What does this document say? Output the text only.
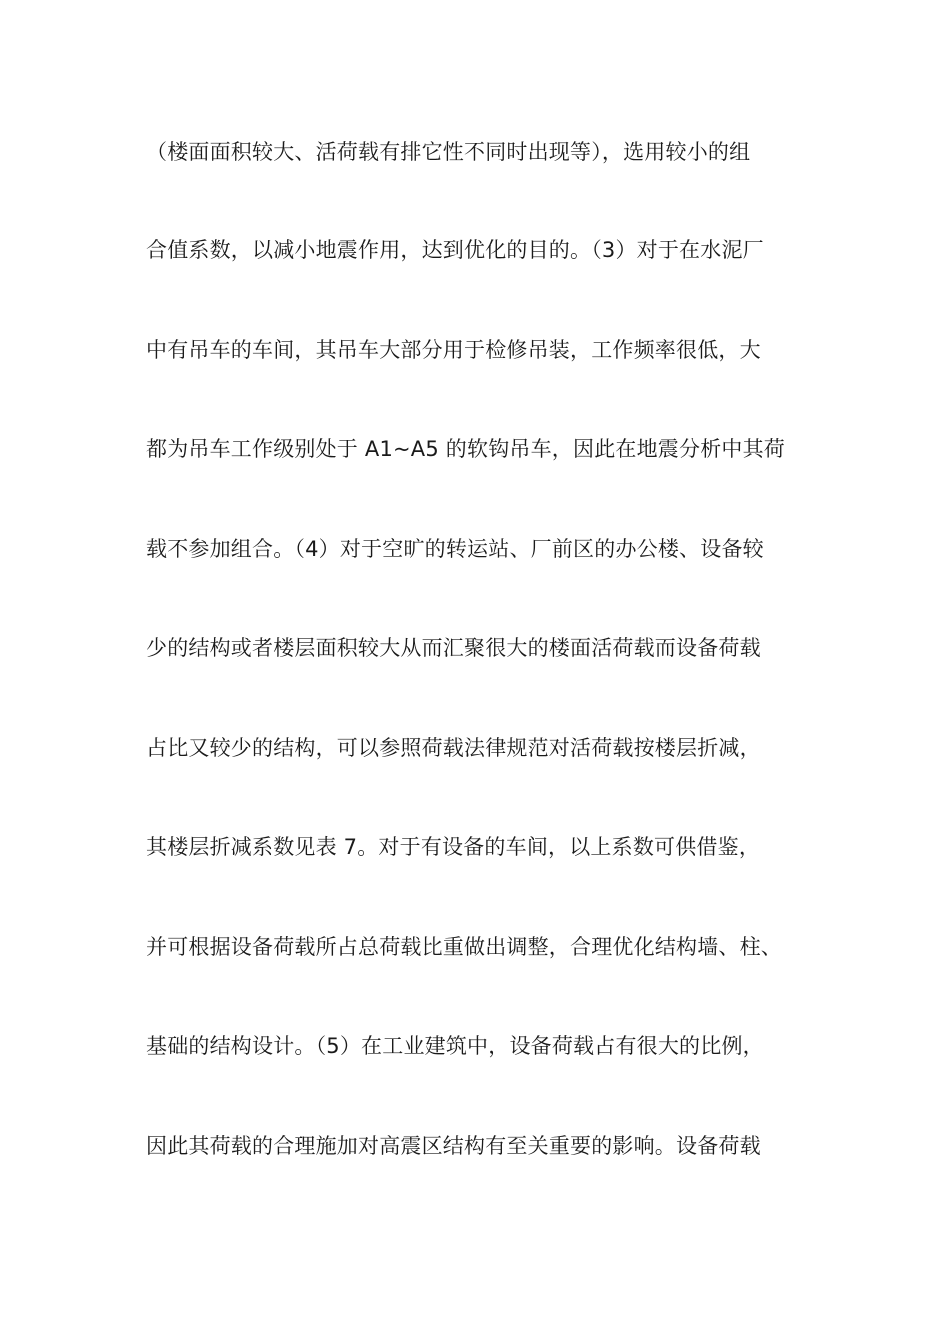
（楼面面积较大、活荷载有排它性不同时出现等），选用较小的组
合值系数，以减小地震作用，达到优化的目的。（3）对于在水泥厂
中有吊车的车间，其吊车大部分用于检修吊装，工作频率很低，大
都为吊车工作级别处于 A1~A5 的软钩吊车，因此在地震分析中其荷
载不参加组合。（4）对于空旷的转运站、厂前区的办公楼、设备较
少的结构或者楼层面积较大从而汇聚很大的楼面活荷载而设备荷载
占比又较少的结构，可以参照荷载法律规范对活荷载按楼层折减，
其楼层折减系数见表 7。对于有设备的车间，以上系数可供借鉴，
并可根据设备荷载所占总荷载比重做出调整，合理优化结构墙、柱、
基础的结构设计。（5）在工业建筑中，设备荷载占有很大的比例，
因此其荷载的合理施加对高震区结构有至关重要的影响。设备荷载
